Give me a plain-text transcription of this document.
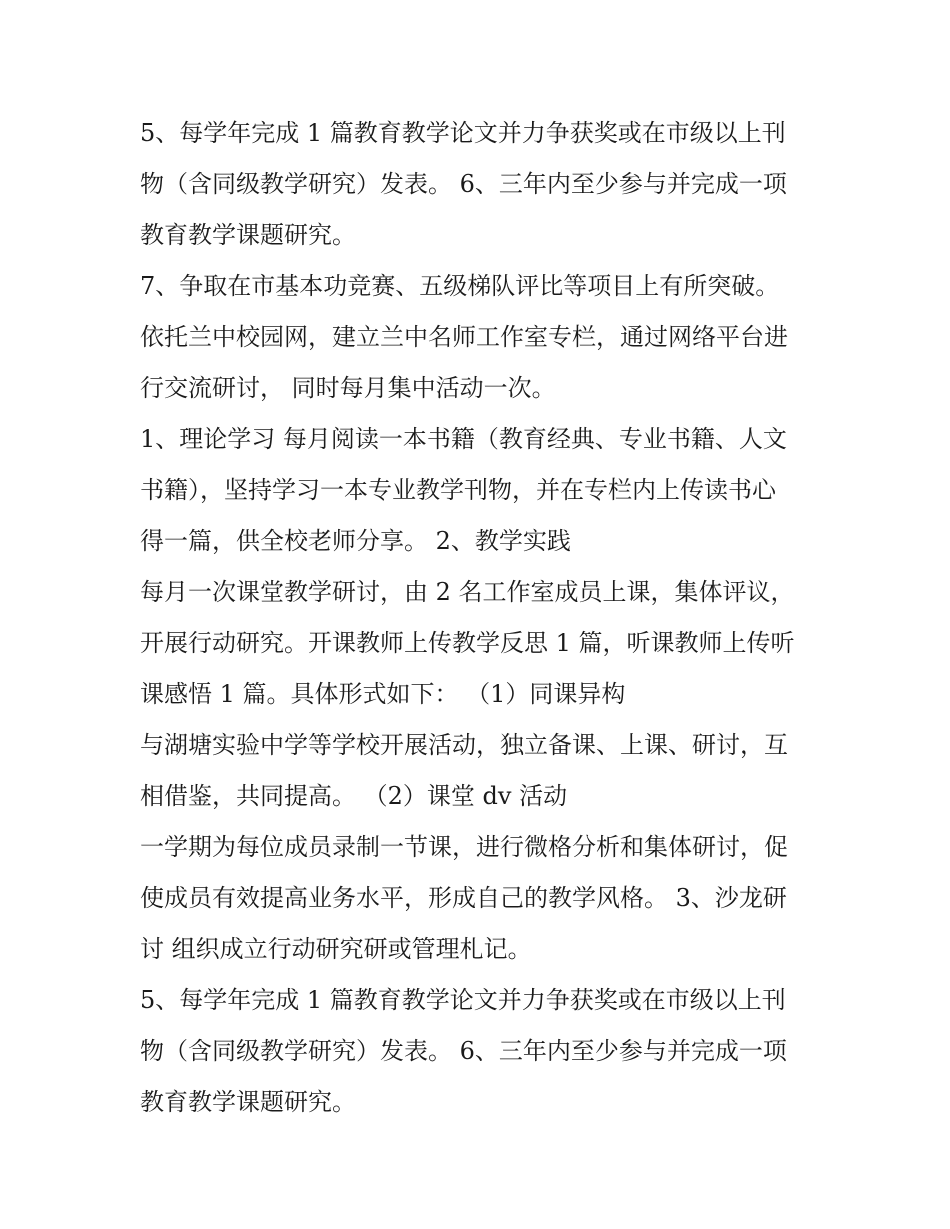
5、每学年完成 1 篇教育教学论文并力争获奖或在市级以上刊
物（含同级教学研究）发表。 6、三年内至少参与并完成一项
教育教学课题研究。
7、争取在市基本功竞赛、五级梯队评比等项目上有所突破。
依托兰中校园网，建立兰中名师工作室专栏，通过网络平台进
行交流研讨， 同时每月集中活动一次。
1、理论学习 每月阅读一本书籍（教育经典、专业书籍、人文
书籍），坚持学习一本专业教学刊物，并在专栏内上传读书心
得一篇，供全校老师分享。 2、教学实践
每月一次课堂教学研讨，由 2 名工作室成员上课，集体评议，
开展行动研究。开课教师上传教学反思 1 篇，听课教师上传听
课感悟 1 篇。具体形式如下： （1）同课异构
与湖塘实验中学等学校开展活动，独立备课、上课、研讨，互
相借鉴，共同提高。 （2）课堂 dv 活动
一学期为每位成员录制一节课，进行微格分析和集体研讨，促
使成员有效提高业务水平，形成自己的教学风格。 3、沙龙研
讨 组织成立行动研究研或管理札记。
5、每学年完成 1 篇教育教学论文并力争获奖或在市级以上刊
物（含同级教学研究）发表。 6、三年内至少参与并完成一项
教育教学课题研究。
